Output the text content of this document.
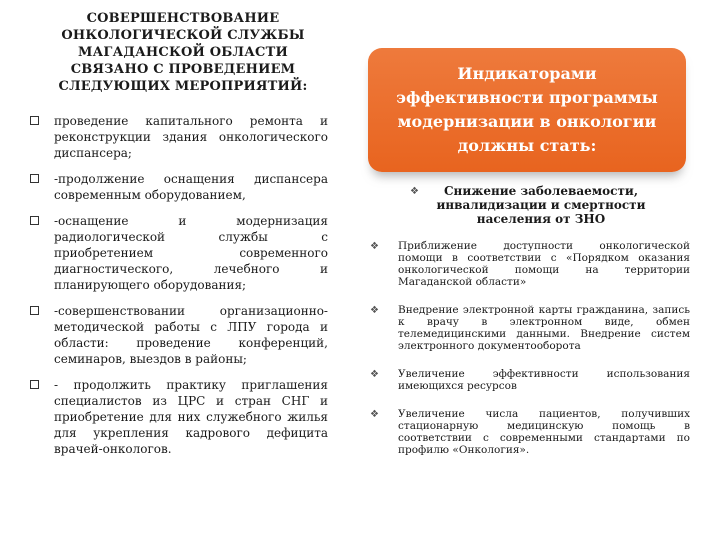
СОВЕРШЕНСТВОВАНИЕ ОНКОЛОГИЧЕСКОЙ СЛУЖБЫ МАГАДАНСКОЙ ОБЛАСТИ СВЯЗАНО С ПРОВЕДЕНИЕМ СЛЕДУЮЩИХ МЕРОПРИЯТИЙ:
проведение капитального ремонта и реконструкции здания онкологического диспансера;
-продолжение оснащения диспансера современным оборудованием,
-оснащение и модернизация радиологической службы с приобретением современного диагностического, лечебного и планирующего оборудования;
-совершенствовании организационно-методической работы с ЛПУ города и области: проведение конференций, семинаров, выездов в районы;
- продолжить практику приглашения специалистов из ЦРС и стран СНГ и приобретение для них служебного жилья для укрепления кадрового дефицита врачей-онкологов.
Индикаторами эффективности программы модернизации в онкологии должны стать:
❖ Снижение заболеваемости, инвалидизации и смертности населения от ЗНО
❖ Приближение доступности онкологической помощи в соответствии с «Порядком оказания онкологической помощи на территории Магаданской области»
❖ Внедрение электронной карты гражданина, запись к врачу в электронном виде, обмен телемедицинскими данными. Внедрение систем электронного документооборота
❖ Увеличение эффективности использования имеющихся ресурсов
❖ Увеличение числа пациентов, получивших стационарную медицинскую помощь в соответствии с современными стандартами по профилю «Онкология».
